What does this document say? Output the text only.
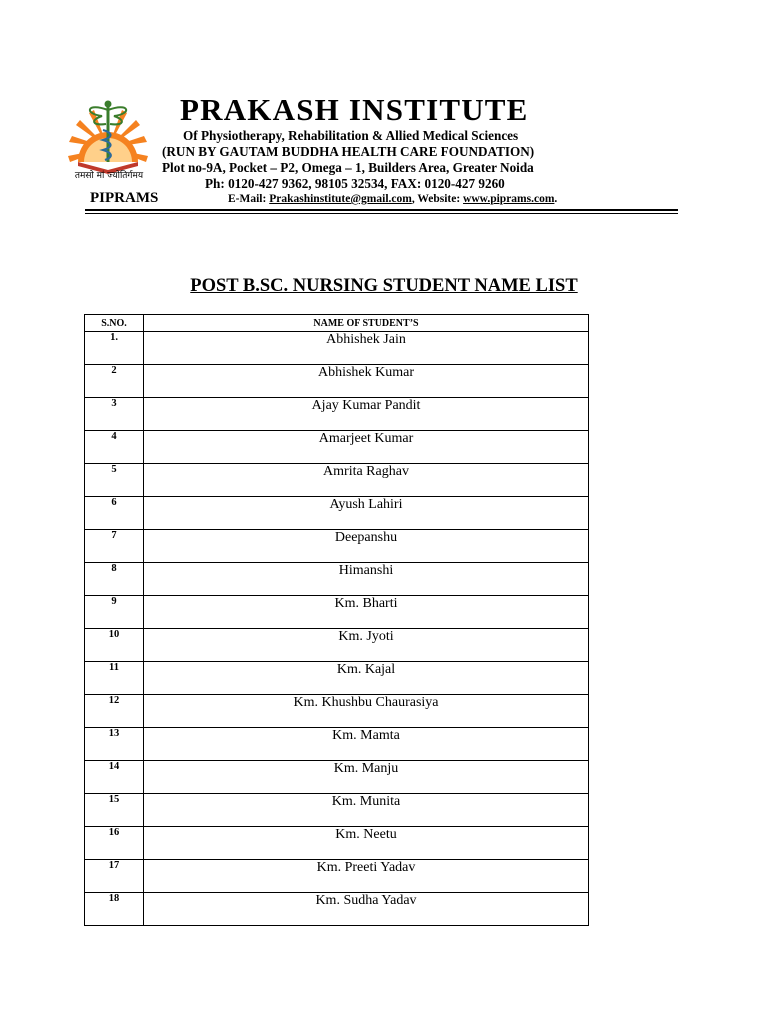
तमसो मां ज्योतिर्गमय
PRAKASH INSTITUTE
Of Physiotherapy, Rehabilitation & Allied Medical Sciences
(RUN BY GAUTAM BUDDHA HEALTH CARE FOUNDATION)
Plot no-9A, Pocket – P2, Omega – 1, Builders Area, Greater Noida
Ph: 0120-427 9362, 98105 32534, FAX: 0120-427 9260
PIPRAMS	E-Mail: Prakashinstitute@gmail.com, Website: www.piprams.com.
POST B.SC. NURSING STUDENT NAME LIST
S.NO.	NAME OF STUDENT’S
1.	Abhishek Jain
2	Abhishek Kumar
3	Ajay Kumar Pandit
4	Amarjeet Kumar
5	Amrita Raghav
6	Ayush Lahiri
7	Deepanshu
8	Himanshi
9	Km. Bharti
10	Km. Jyoti
11	Km. Kajal
12	Km. Khushbu Chaurasiya
13	Km. Mamta
14	Km. Manju
15	Km. Munita
16	Km. Neetu
17	Km. Preeti Yadav
18	Km. Sudha Yadav
